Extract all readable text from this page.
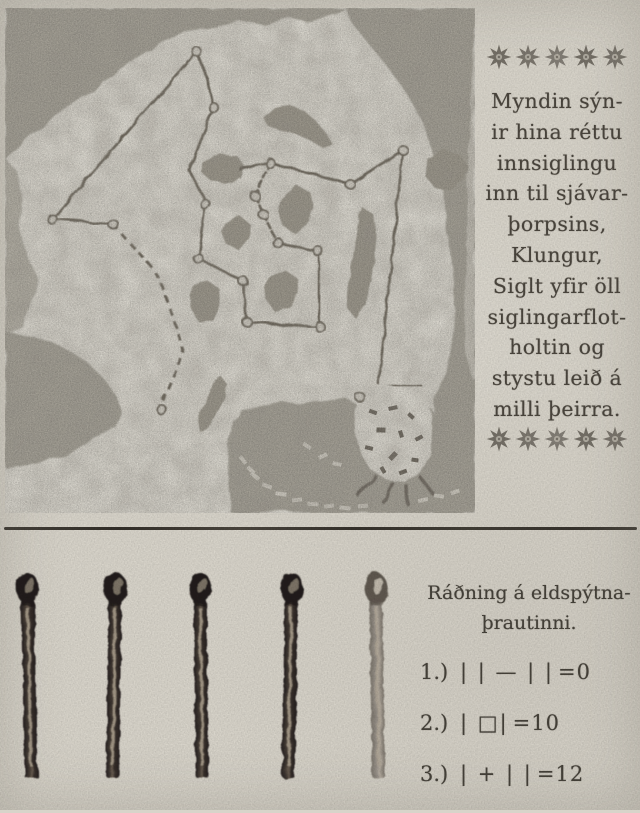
Myndin sýn-

ir hina réttu

innsiglingu

inn til sjávar-

þorpsins,

Klungur,

Siglt yfir öll

siglingarflot-

holtin og

stystu leið á

milli þeirra.

Ráðning á eldspýtna-

þrautinni.

1.) | | — | | =0
2.) | □| =10
3.) | + | | =12
